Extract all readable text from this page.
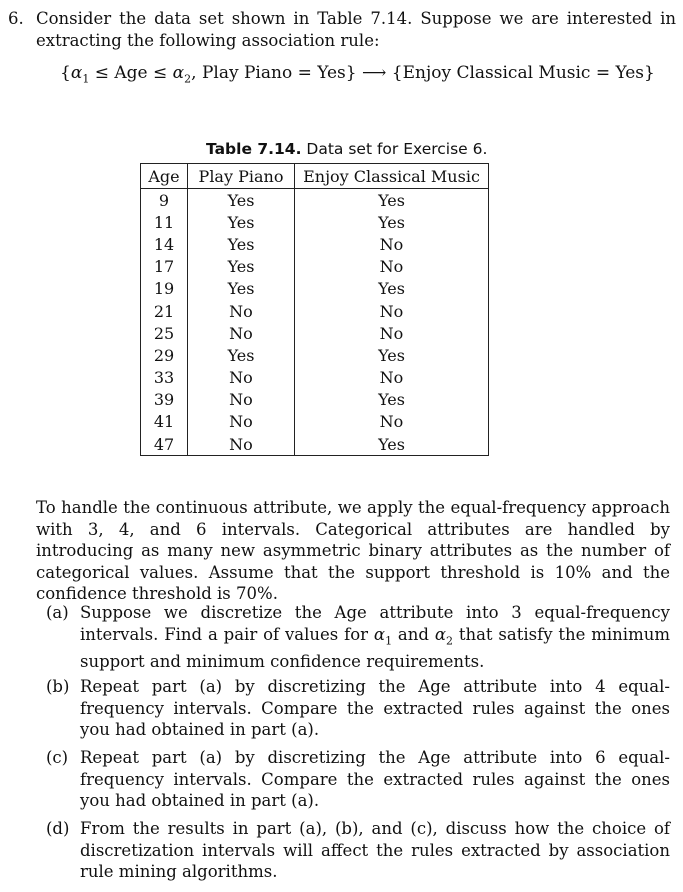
6. Consider the data set shown in Table 7.14. Suppose we are interested in extracting the following association rule:
{$\alpha_1$ ≤ Age ≤ $\alpha_2$, Play Piano = Yes} ⟶ {Enjoy Classical Music = Yes}
Table 7.14. Data set for Exercise 6.
Age	Play Piano	Enjoy Classical Music
9	Yes	Yes
11	Yes	Yes
14	Yes	No
17	Yes	No
19	Yes	Yes
21	No	No
25	No	No
29	Yes	Yes
33	No	No
39	No	Yes
41	No	No
47	No	Yes
To handle the continuous attribute, we apply the equal-frequency approach with 3, 4, and 6 intervals. Categorical attributes are handled by introducing as many new asymmetric binary attributes as the number of categorical values. Assume that the support threshold is 10% and the confidence threshold is 70%.
(a) Suppose we discretize the Age attribute into 3 equal-frequency intervals. Find a pair of values for $\alpha_1$ and $\alpha_2$ that satisfy the minimum support and minimum confidence requirements.
(b) Repeat part (a) by discretizing the Age attribute into 4 equal-frequency intervals. Compare the extracted rules against the ones you had obtained in part (a).
(c) Repeat part (a) by discretizing the Age attribute into 6 equal-frequency intervals. Compare the extracted rules against the ones you had obtained in part (a).
(d) From the results in part (a), (b), and (c), discuss how the choice of discretization intervals will affect the rules extracted by association rule mining algorithms.
